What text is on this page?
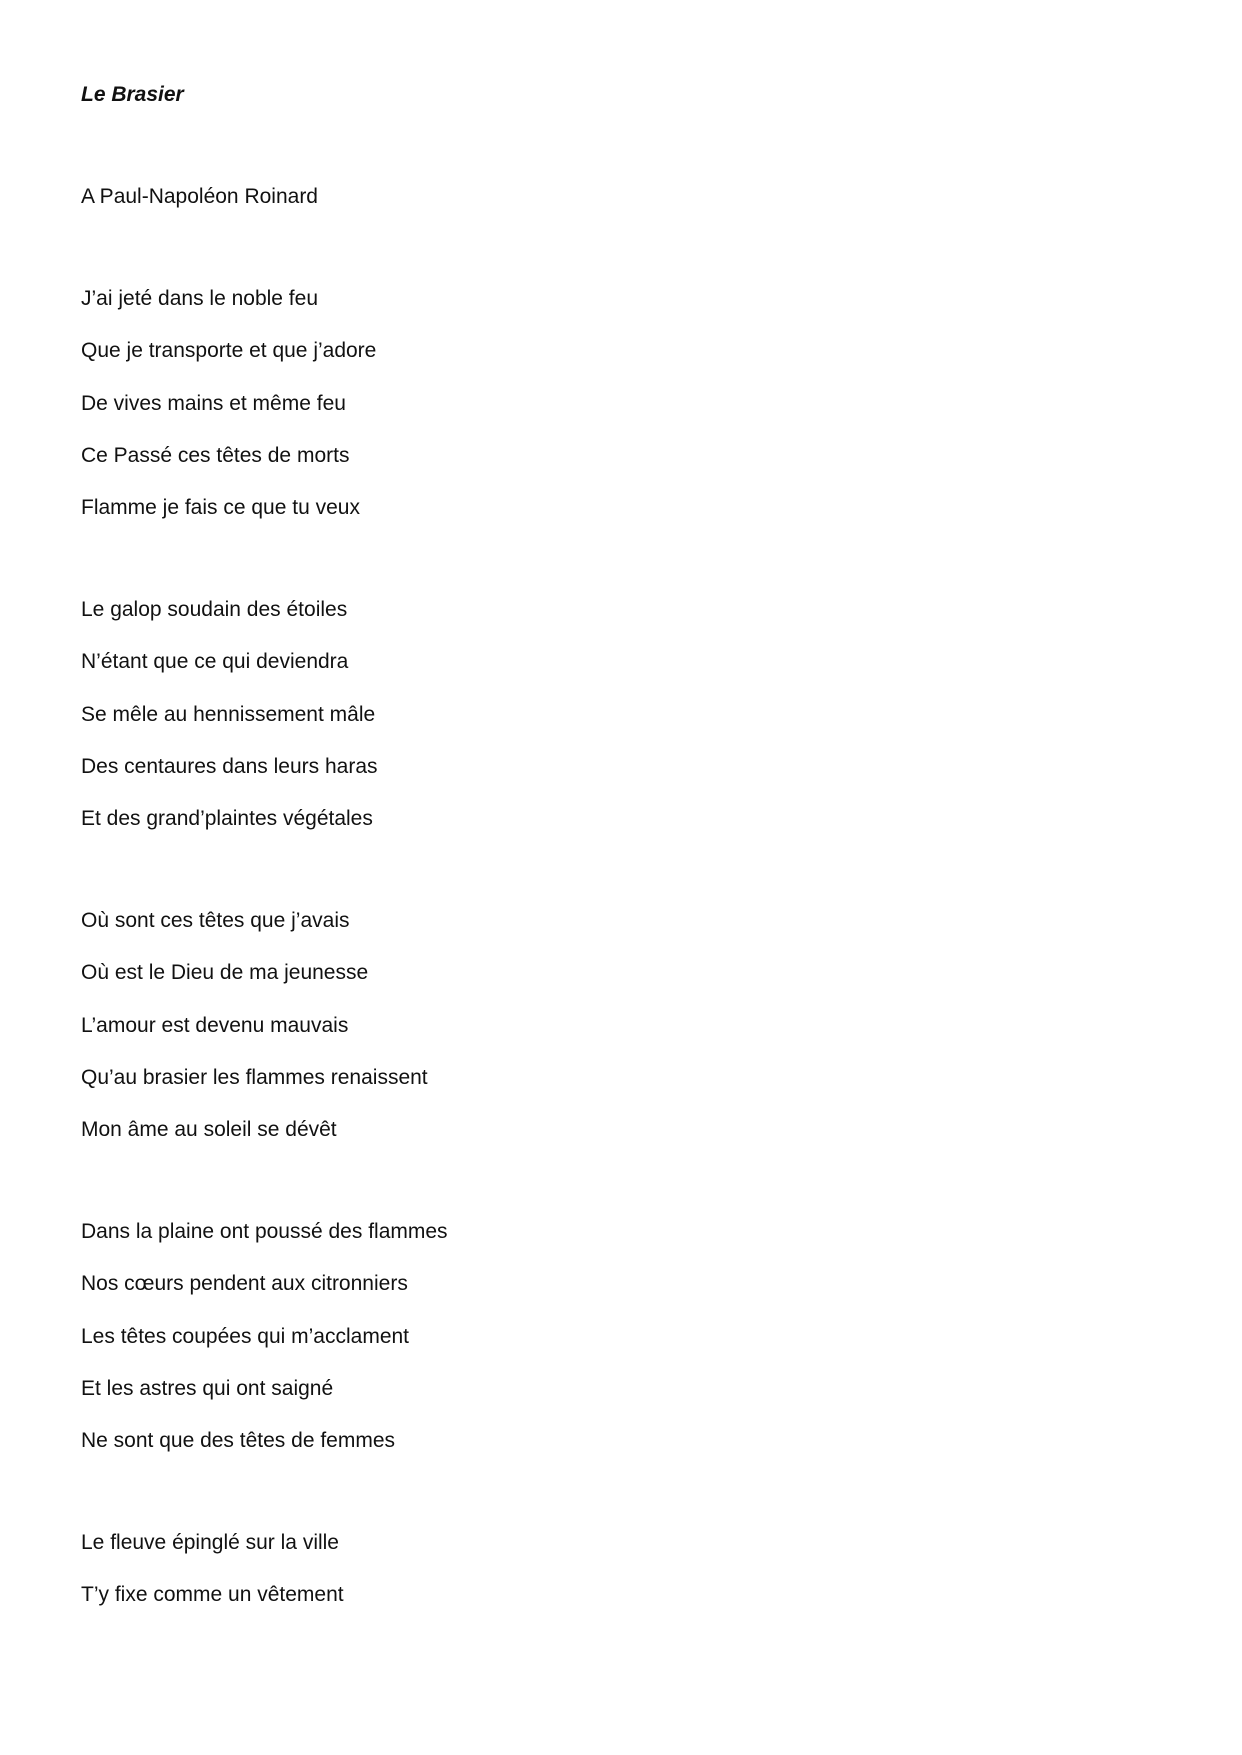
Le Brasier
A Paul-Napoléon Roinard
J’ai jeté dans le noble feu
Que je transporte et que j’adore
De vives mains et même feu
Ce Passé ces têtes de morts
Flamme je fais ce que tu veux
Le galop soudain des étoiles
N’étant que ce qui deviendra
Se mêle au hennissement mâle
Des centaures dans leurs haras
Et des grand’plaintes végétales
Où sont ces têtes que j’avais
Où est le Dieu de ma jeunesse
L’amour est devenu mauvais
Qu’au brasier les flammes renaissent
Mon âme au soleil se dévêt
Dans la plaine ont poussé des flammes
Nos cœurs pendent aux citronniers
Les têtes coupées qui m’acclament
Et les astres qui ont saigné
Ne sont que des têtes de femmes
Le fleuve épinglé sur la ville
T’y fixe comme un vêtement
